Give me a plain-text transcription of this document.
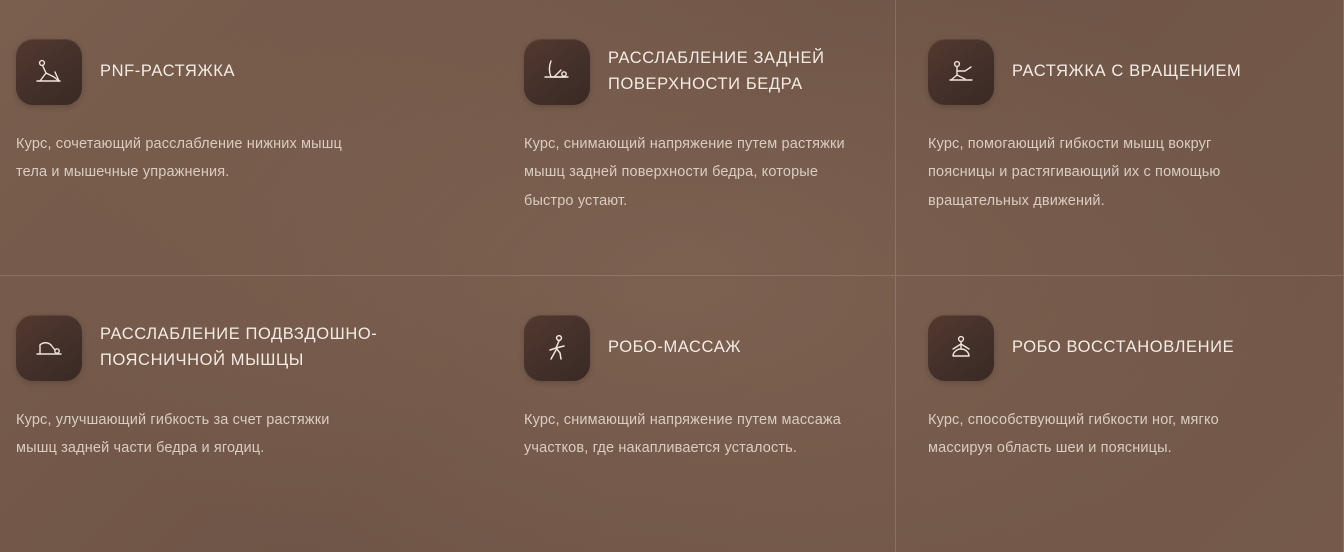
PNF-РАСТЯЖКА
Курс, сочетающий расслабление нижних мышц тела и мышечные упражнения.
РАССЛАБЛЕНИЕ ЗАДНЕЙ ПОВЕРХНОСТИ БЕДРА
Курс, снимающий напряжение путем растяжки мышц задней поверхности бедра, которые быстро устают.
РАСТЯЖКА С ВРАЩЕНИЕМ
Курс, помогающий гибкости мышц вокруг поясницы и растягивающий их с помощью вращательных движений.
РАССЛАБЛЕНИЕ ПОДВЗДОШНО-ПОЯСНИЧНОЙ МЫШЦЫ
Курс, улучшающий гибкость за счет растяжки мышц задней части бедра и ягодиц.
РОБО-МАССАЖ
Курс, снимающий напряжение путем массажа участков, где накапливается усталость.
РОБО ВОССТАНОВЛЕНИЕ
Курс, способствующий гибкости ног, мягко массируя область шеи и поясницы.
